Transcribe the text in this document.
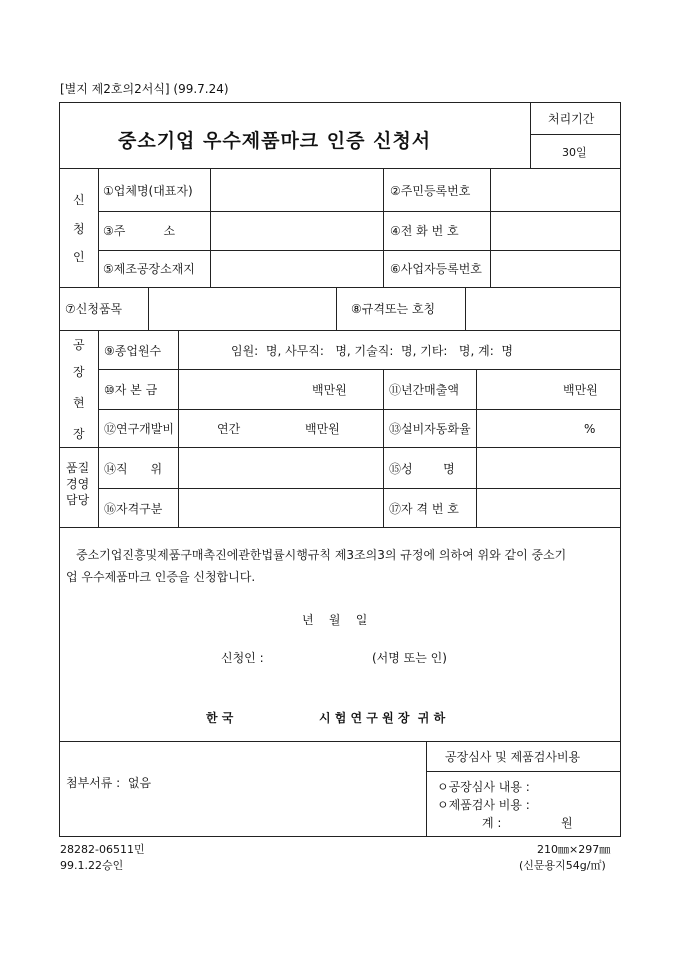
[별지 제2호의2서식] (99.7.24)
중소기업 우수제품마크 인증 신청서
처리기간
30일
신
청
인
①업체명(대표자)	②주민등록번호
③주          소	④전 화 번 호
⑤제조공장소재지	⑥사업자등록번호
⑦신청품목	⑧규격또는 호칭
공
장
현
장
⑨종업원수	임원:  명, 사무직:   명, 기술직:  명, 기타:   명, 계:  명
⑩자 본 금	백만원	⑪년간매출액	백만원
⑫연구개발비	연간	백만원	⑬설비자동화율	%
품질
경영
담당
⑭직      위	⑮성        명
⑯자격구분	⑰자 격 번 호
중소기업진흥및제품구매촉진에관한법률시행규칙 제3조의3의 규정에 의하여 위와 같이 중소기
업 우수제품마크 인증을 신청합니다.
년    월    일
신청인 :	(서명 또는 인)
한 국	시 험 연 구 원 장  귀 하
첨부서류 :  없음
공장심사 및 제품검사비용
ㅇ공장심사 내용 :
ㅇ제품검사 비용 :
계 :	원
28282-06511민
99.1.22승인
210㎜×297㎜
(신문용지54g/㎡)
